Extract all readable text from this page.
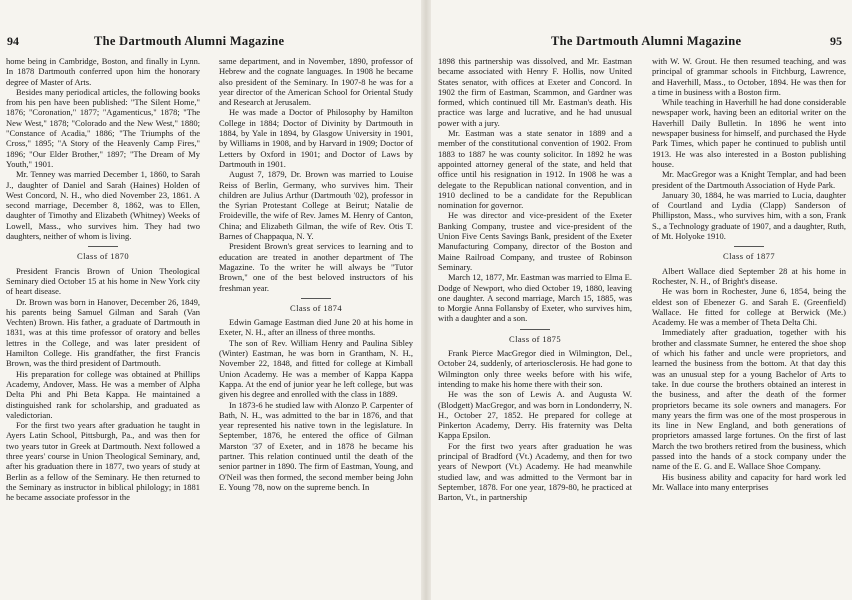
94	The Dartmouth Alumni Magazine

home being in Cambridge, Boston, and finally in Lynn. In 1878 Dartmouth conferred upon him the honorary degree of Master of Arts.

Besides many periodical articles, the following books from his pen have been published: "The Silent Home," 1876; "Coronation," 1877; "Agamenticus," 1878; "The New West," 1878; "Colorado and the New West," 1880; "Constance of Acadia," 1886; "The Triumphs of the Cross," 1895; "A Story of the Heavenly Camp Fires," 1896; "Our Elder Brother," 1897; "The Dream of My Youth," 1901.

Mr. Tenney was married December 1, 1860, to Sarah J., daughter of Daniel and Sarah (Haines) Holden of West Concord, N. H., who died November 23, 1861. A second marriage, December 8, 1862, was to Ellen, daughter of Timothy and Elizabeth (Whitney) Weeks of Lowell, Mass., who survives him. They had two daughters, neither of whom is living.

Class of 1870

President Francis Brown of Union Theological Seminary died October 15 at his home in New York city of heart disease.

Dr. Brown was born in Hanover, December 26, 1849, his parents being Samuel Gilman and Sarah (Van Vechten) Brown. His father, a graduate of Dartmouth in 1831, was at this time professor of oratory and belles lettres in the College, and was later president of Hamilton College. His grandfather, the first Francis Brown, was the third president of Dartmouth.

His preparation for college was obtained at Phillips Academy, Andover, Mass. He was a member of Alpha Delta Phi and Phi Beta Kappa. He maintained a distinguished rank for scholarship, and graduated as valedictorian.

For the first two years after graduation he taught in Ayers Latin School, Pittsburgh, Pa., and was then for two years tutor in Greek at Dartmouth. Next followed a three years' course in Union Theological Seminary, and, after his graduation there in 1877, two years of study at Berlin as a fellow of the Seminary. He then returned to the Seminary as instructor in biblical philology; in 1881 he became associate professor in the

same department, and in November, 1890, professor of Hebrew and the cognate languages. In 1908 he became also president of the Seminary. In 1907-8 he was for a year director of the American School for Oriental Study and Research at Jerusalem.

He was made a Doctor of Philosophy by Hamilton College in 1884; Doctor of Divinity by Dartmouth in 1884, by Yale in 1894, by Glasgow University in 1901, by Williams in 1908, and by Harvard in 1909; Doctor of Letters by Oxford in 1901; and Doctor of Laws by Dartmouth in 1901.

August 7, 1879, Dr. Brown was married to Louise Reiss of Berlin, Germany, who survives him. Their children are Julius Arthur (Dartmouth '02), professor in the Syrian Protestant College at Beirut; Natalie de Froideville, the wife of Rev. James M. Henry of Canton, China; and Elizabeth Gilman, the wife of Rev. Otis T. Barnes of Chappaqua, N. Y.

President Brown's great services to learning and to education are treated in another department of The Magazine. To the writer he will always be "Tutor Brown," one of the best beloved instructors of his freshman year.

Class of 1874

Edwin Gamage Eastman died June 20 at his home in Exeter, N. H., after an illness of three months.

The son of Rev. William Henry and Paulina Sibley (Winter) Eastman, he was born in Grantham, N. H., November 22, 1848, and fitted for college at Kimball Union Academy. He was a member of Kappa Kappa Kappa. At the end of junior year he left college, but was given his degree and enrolled with the class in 1889.

In 1873-6 he studied law with Alonzo P. Carpenter of Bath, N. H., was admitted to the bar in 1876, and that year represented his native town in the legislature. In September, 1876, he entered the office of Gilman Marston '37 of Exeter, and in 1878 he became his partner. This relation continued until the death of the senior partner in 1890. The firm of Eastman, Young, and O'Neil was then formed, the second member being John E. Young '78, now on the supreme bench. In

The Dartmouth Alumni Magazine	95

1898 this partnership was dissolved, and Mr. Eastman became associated with Henry F. Hollis, now United States senator, with offices at Exeter and Concord. In 1902 the firm of Eastman, Scammon, and Gardner was formed, which continued till Mr. Eastman's death. His practice was large and lucrative, and he had unusual power with a jury.

Mr. Eastman was a state senator in 1889 and a member of the constitutional convention of 1902. From 1883 to 1887 he was county solicitor. In 1892 he was appointed attorney general of the state, and held that office until his resignation in 1912. In 1908 he was a delegate to the Republican national convention, and in 1910 declined to be a candidate for the Republican nomination for governor.

He was director and vice-president of the Exeter Banking Company, trustee and vice-president of the Union Five Cents Savings Bank, president of the Exeter Manufacturing Company, director of the Boston and Maine Railroad Company, and trustee of Robinson Seminary.

March 12, 1877, Mr. Eastman was married to Elma E. Dodge of Newport, who died October 19, 1880, leaving one daughter. A second marriage, March 15, 1885, was to Morgie Anna Follansby of Exeter, who survives him, with a daughter and a son.

Class of 1875

Frank Pierce MacGregor died in Wilmington, Del., October 24, suddenly, of arteriosclerosis. He had gone to Wilmington only three weeks before with his wife, intending to make his home there with their son.

He was the son of Lewis A. and Augusta W. (Blodgett) MacGregor, and was born in Londonderry, N. H., October 27, 1852. He prepared for college at Pinkerton Academy, Derry. His fraternity was Delta Kappa Epsilon.

For the first two years after graduation he was principal of Bradford (Vt.) Academy, and then for two years of Newport (Vt.) Academy. He had meanwhile studied law, and was admitted to the Vermont bar in September, 1878. For one year, 1879-80, he practiced at Barton, Vt., in partnership

with W. W. Grout. He then resumed teaching, and was principal of grammar schools in Fitchburg, Lawrence, and Haverhill, Mass., to October, 1894. He was then for a time in business with a Boston firm.

While teaching in Haverhill he had done considerable newspaper work, having been an editorial writer on the Haverhill Daily Bulletin. In 1896 he went into newspaper business for himself, and purchased the Hyde Park Times, which paper he continued to publish until 1913. He was also interested in a Boston publishing house.

Mr. MacGregor was a Knight Templar, and had been president of the Dartmouth Association of Hyde Park.

January 30, 1884, he was married to Lucia, daughter of Courtland and Lydia (Clapp) Sanderson of Phillipston, Mass., who survives him, with a son, Frank S., a Technology graduate of 1907, and a daughter, Ruth, of Mt. Holyoke 1910.

Class of 1877

Albert Wallace died September 28 at his home in Rochester, N. H., of Bright's disease.

He was born in Rochester, June 6, 1854, being the eldest son of Ebenezer G. and Sarah E. (Greenfield) Wallace. He fitted for college at Berwick (Me.) Academy. He was a member of Theta Delta Chi.

Immediately after graduation, together with his brother and classmate Sumner, he entered the shoe shop of which his father and uncle were proprietors, and learned the business from the bottom. At that day this was an unusual step for a young Bachelor of Arts to take. In due course the brothers obtained an interest in the business, and after the death of the former proprietors became its sole owners and managers. For many years the firm was one of the most prosperous in its line in New England, and both generations of proprietors amassed large fortunes. On the first of last March the two brothers retired from the business, which passed into the hands of a stock company under the name of the E. G. and E. Wallace Shoe Company.

His business ability and capacity for hard work led Mr. Wallace into many enterprises
